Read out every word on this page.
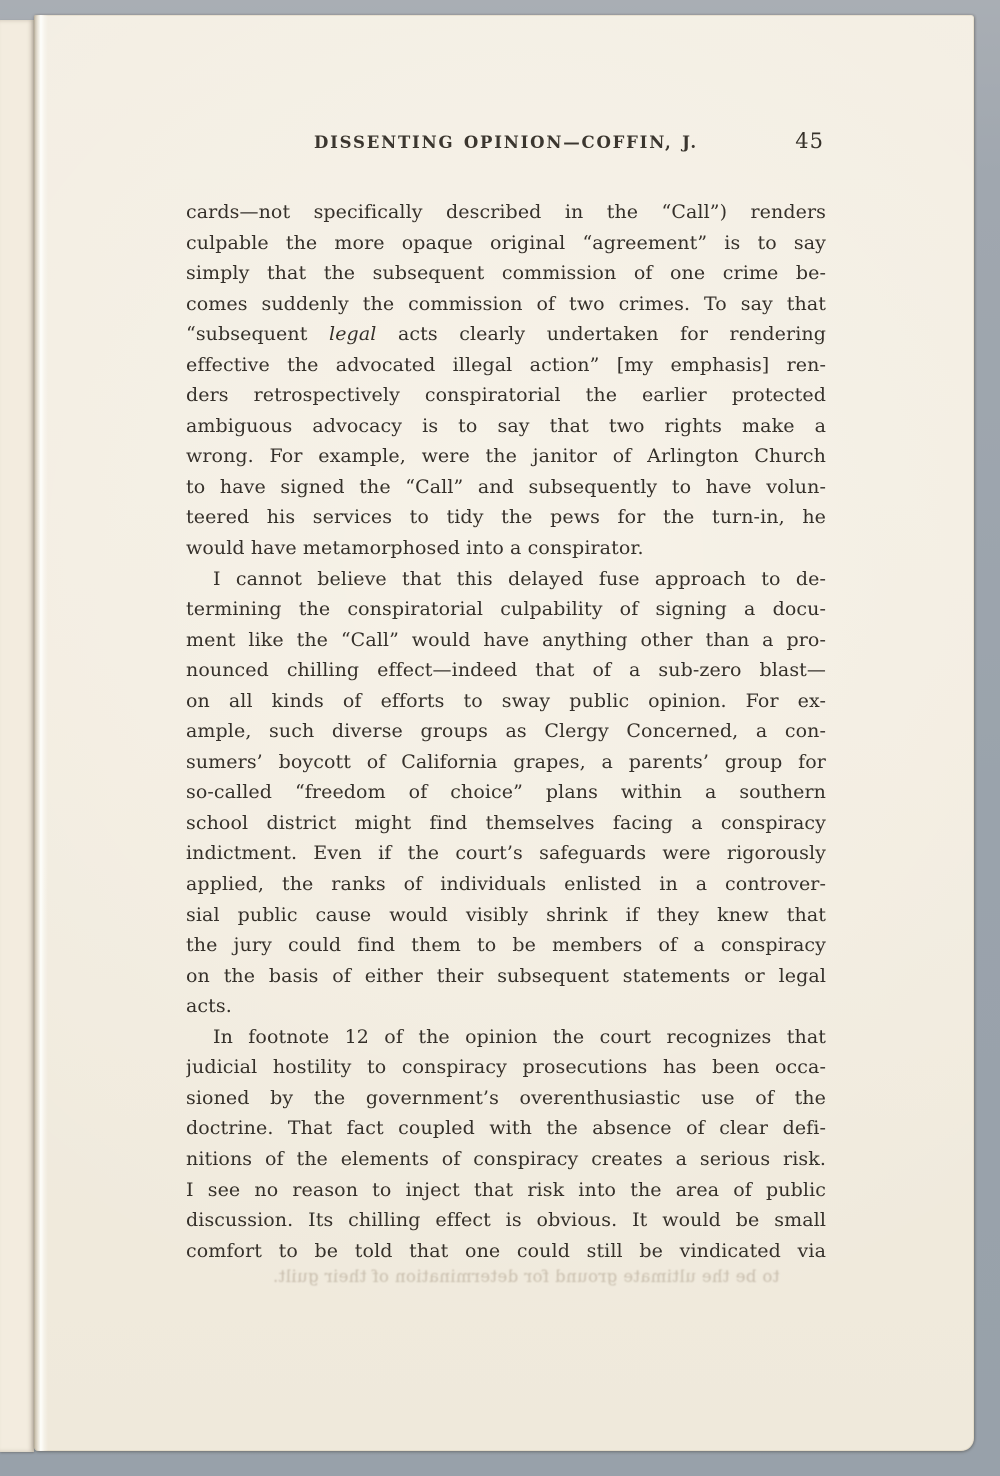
DISSENTING OPINION—COFFIN, J.	45
cards—not specifically described in the “Call”) renders
culpable the more opaque original “agreement” is to say
simply that the subsequent commission of one crime be-
comes suddenly the commission of two crimes. To say that
“subsequent legal acts clearly undertaken for rendering
effective the advocated illegal action” [my emphasis] ren-
ders retrospectively conspiratorial the earlier protected
ambiguous advocacy is to say that two rights make a
wrong. For example, were the janitor of Arlington Church
to have signed the “Call” and subsequently to have volun-
teered his services to tidy the pews for the turn-in, he
would have metamorphosed into a conspirator.
I cannot believe that this delayed fuse approach to de-
termining the conspiratorial culpability of signing a docu-
ment like the “Call” would have anything other than a pro-
nounced chilling effect—indeed that of a sub-zero blast—
on all kinds of efforts to sway public opinion. For ex-
ample, such diverse groups as Clergy Concerned, a con-
sumers’ boycott of California grapes, a parents’ group for
so-called “freedom of choice” plans within a southern
school district might find themselves facing a conspiracy
indictment. Even if the court’s safeguards were rigorously
applied, the ranks of individuals enlisted in a controver-
sial public cause would visibly shrink if they knew that
the jury could find them to be members of a conspiracy
on the basis of either their subsequent statements or legal
acts.
In footnote 12 of the opinion the court recognizes that
judicial hostility to conspiracy prosecutions has been occa-
sioned by the government’s overenthusiastic use of the
doctrine. That fact coupled with the absence of clear defi-
nitions of the elements of conspiracy creates a serious risk.
I see no reason to inject that risk into the area of public
discussion. Its chilling effect is obvious. It would be small
comfort to be told that one could still be vindicated via
to be the ultimate ground for determination of their guilt.
